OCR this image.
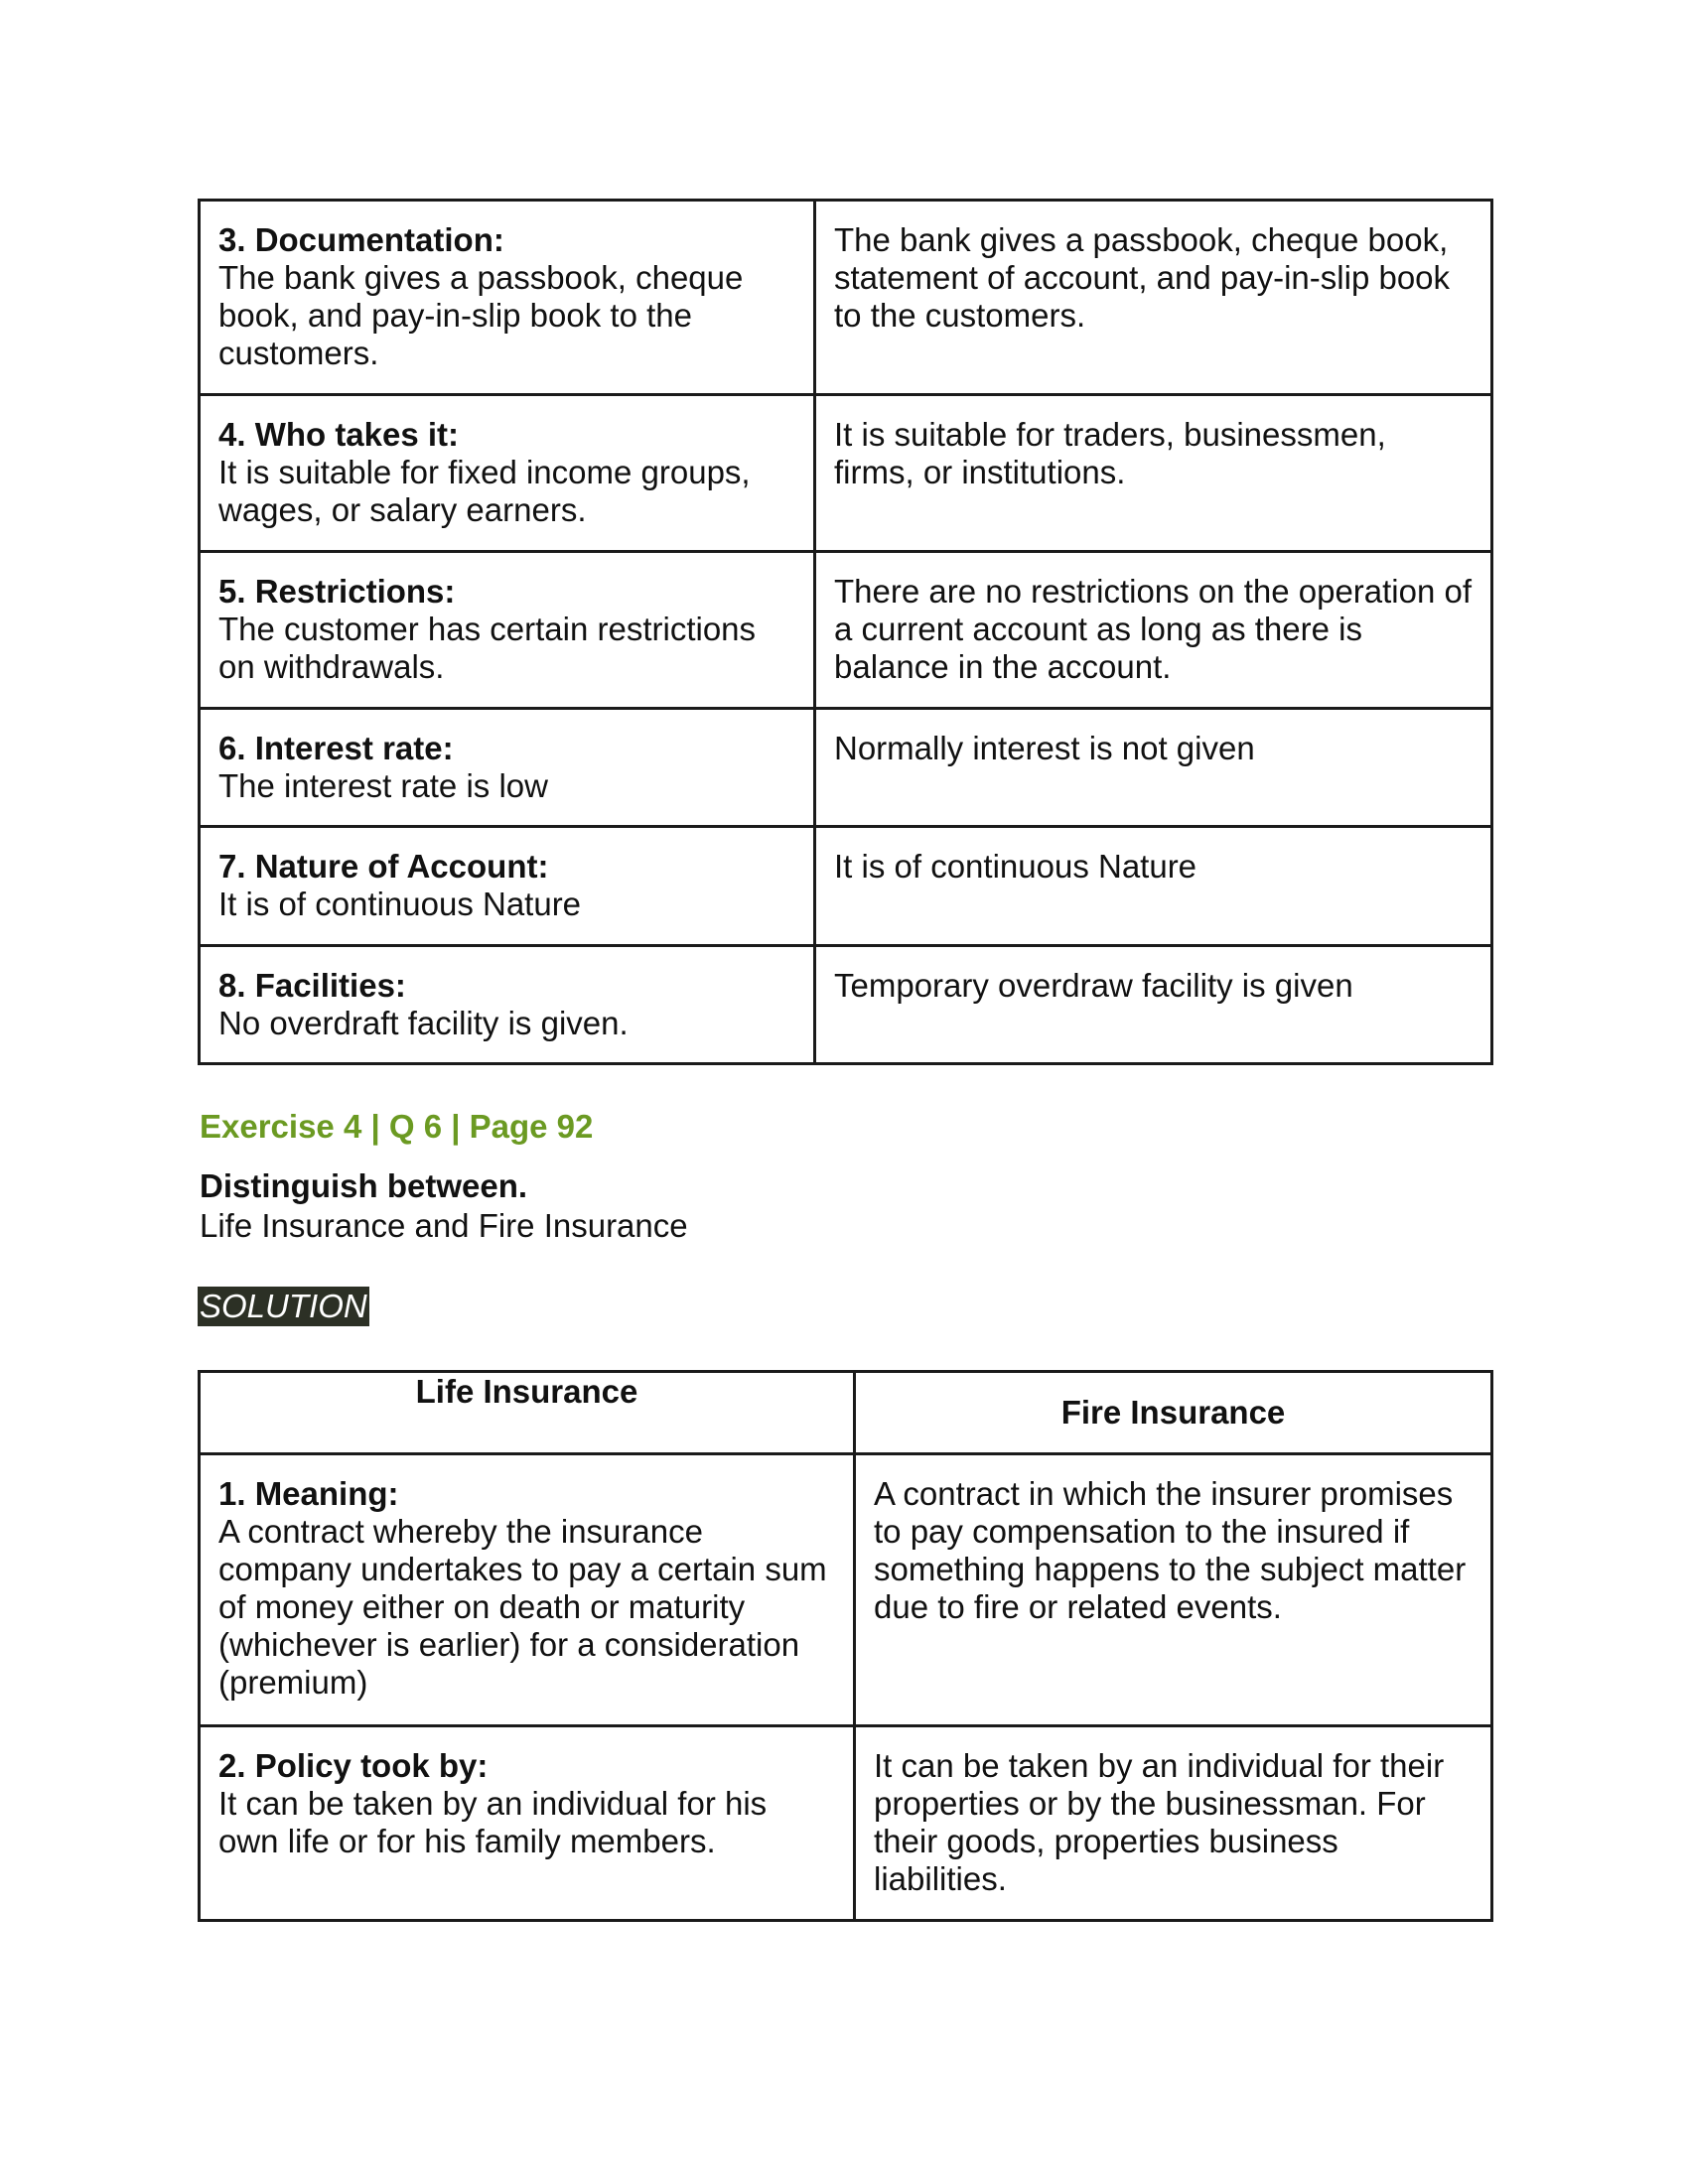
3. Documentation:
The bank gives a passbook, cheque book, and pay-in-slip book to the customers.	The bank gives a passbook, cheque book, statement of account, and pay-in-slip book to the customers.

4. Who takes it:
It is suitable for fixed income groups, wages, or salary earners.	It is suitable for traders, businessmen, firms, or institutions.

5. Restrictions:
The customer has certain restrictions on withdrawals.	There are no restrictions on the operation of a current account as long as there is balance in the account.

6. Interest rate:
The interest rate is low	Normally interest is not given

7. Nature of Account:
It is of continuous Nature	It is of continuous Nature

8. Facilities:
No overdraft facility is given.	Temporary overdraw facility is given
Exercise 4 | Q 6 | Page 92

Distinguish between.

Life Insurance and Fire Insurance

SOLUTION
Life Insurance	Fire Insurance

1. Meaning:
A contract whereby the insurance company undertakes to pay a certain sum of money either on death or maturity (whichever is earlier) for a consideration (premium)	A contract in which the insurer promises to pay compensation to the insured if something happens to the subject matter due to fire or related events.

2. Policy took by:
It can be taken by an individual for his own life or for his family members.	It can be taken by an individual for their properties or by the businessman. For their goods, properties business liabilities.
